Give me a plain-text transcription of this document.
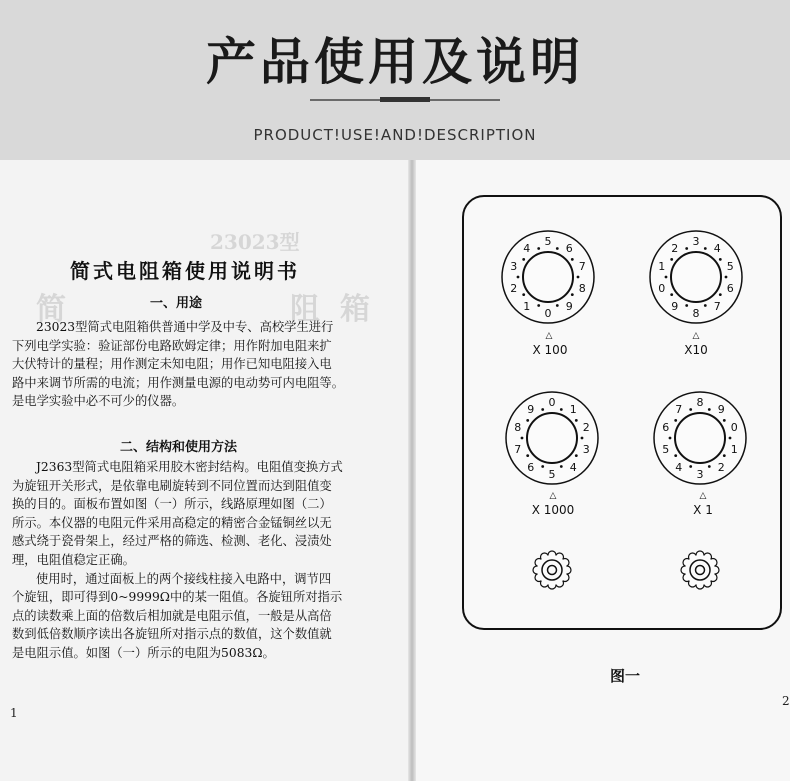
产品使用及说明
PRODUCT!USE!AND!DESCRIPTION
23023型
简	阻 箱
简式电阻箱使用说明书
一、用途
23023型简式电阻箱供普通中学及中专、高校学生进行
下列电学实验：验证部份电路欧姆定律；用作附加电阻来扩
大伏特计的量程；用作测定未知电阻；用作已知电阻接入电
路中来调节所需的电流；用作测量电源的电动势可内电阻等。
是电学实验中必不可少的仪器。
二、结构和使用方法
J2363型简式电阻箱采用胶木密封结构。电阻值变换方式
为旋钮开关形式，是依靠电刷旋转到不同位置而达到阻值变
换的目的。面板布置如图（一）所示，线路原理如图（二）
所示。本仪器的电阻元件采用高稳定的精密合金锰铜丝以无
感式绕于瓷骨架上，经过严格的筛选、检测、老化、浸渍处
理，电阻值稳定正确。
使用时，通过面板上的两个接线柱接入电路中，调节四
个旋钮，即可得到0~9999Ω中的某一阻值。各旋钮所对指示
点的读数乘上面的倍数后相加就是电阻示值，一般是从高倍
数到低倍数顺序读出各旋钮所对指示点的数值，这个数值就
是电阻示值。如图（一）所示的电阻为5083Ω。
1
0
1
2
3
4
5
6
7
8
9
0
1
2
3
4
5
6
7
8
9
0
1
2
3
4
5
6
7
8
9
0
1
2
3
4
5
6
7
8
9
△
X 100
△
X10
△
X 1000
△
X 1
图一
2
